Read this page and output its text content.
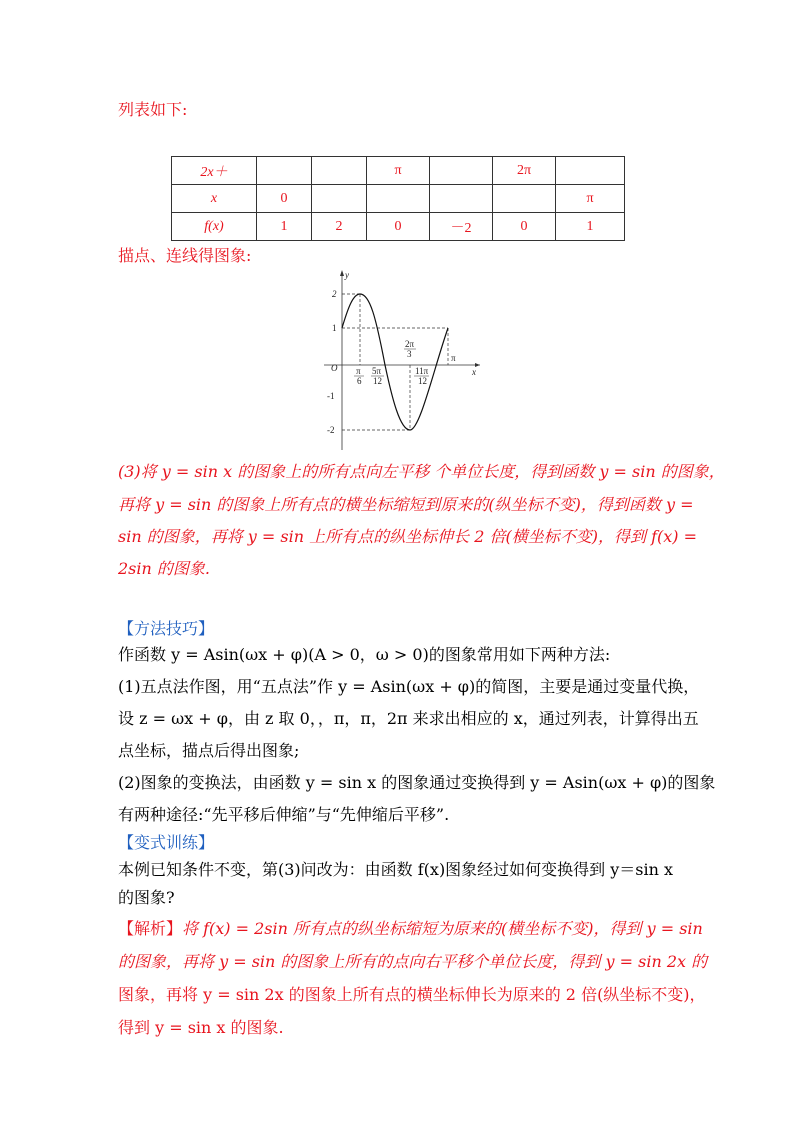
列表如下:
2x＋			π		2π	
x	0					π
f(x)	1	2	0	－2	0	1
描点、连线得图象:
2
1
O
-1
-2
y
x
π
6
5π
12
2π
3
11π
12
π
(3)将 y = sin x 的图象上的所有点向左平移 个单位长度，得到函数 y = sin 的图象，
再将 y = sin 的图象上所有点的横坐标缩短到原来的(纵坐标不变)，得到函数 y =
sin 的图象，再将 y = sin 上所有点的纵坐标伸长 2 倍(横坐标不变)，得到 f(x) =
2sin 的图象.
【方法技巧】
作函数 y = Asin(ωx + φ)(A > 0，ω > 0)的图象常用如下两种方法:
(1)五点法作图，用“五点法”作 y = Asin(ωx + φ)的简图，主要是通过变量代换，
设 z = ωx + φ，由 z 取 0，，π，π，2π 来求出相应的 x，通过列表，计算得出五
点坐标，描点后得出图象;
(2)图象的变换法，由函数 y = sin x 的图象通过变换得到 y = Asin(ωx + φ)的图象
有两种途径:“先平移后伸缩”与“先伸缩后平移”.
【变式训练】
本例已知条件不变，第(3)问改为：由函数 f(x)图象经过如何变换得到 y＝sin x
的图象?
【解析】将 f(x) = 2sin 所有点的纵坐标缩短为原来的(横坐标不变)，得到 y = sin
的图象，再将 y = sin 的图象上所有的点向右平移个单位长度，得到 y = sin 2x 的
图象，再将 y = sin 2x 的图象上所有点的横坐标伸长为原来的 2 倍(纵坐标不变)，
得到 y = sin x 的图象.
